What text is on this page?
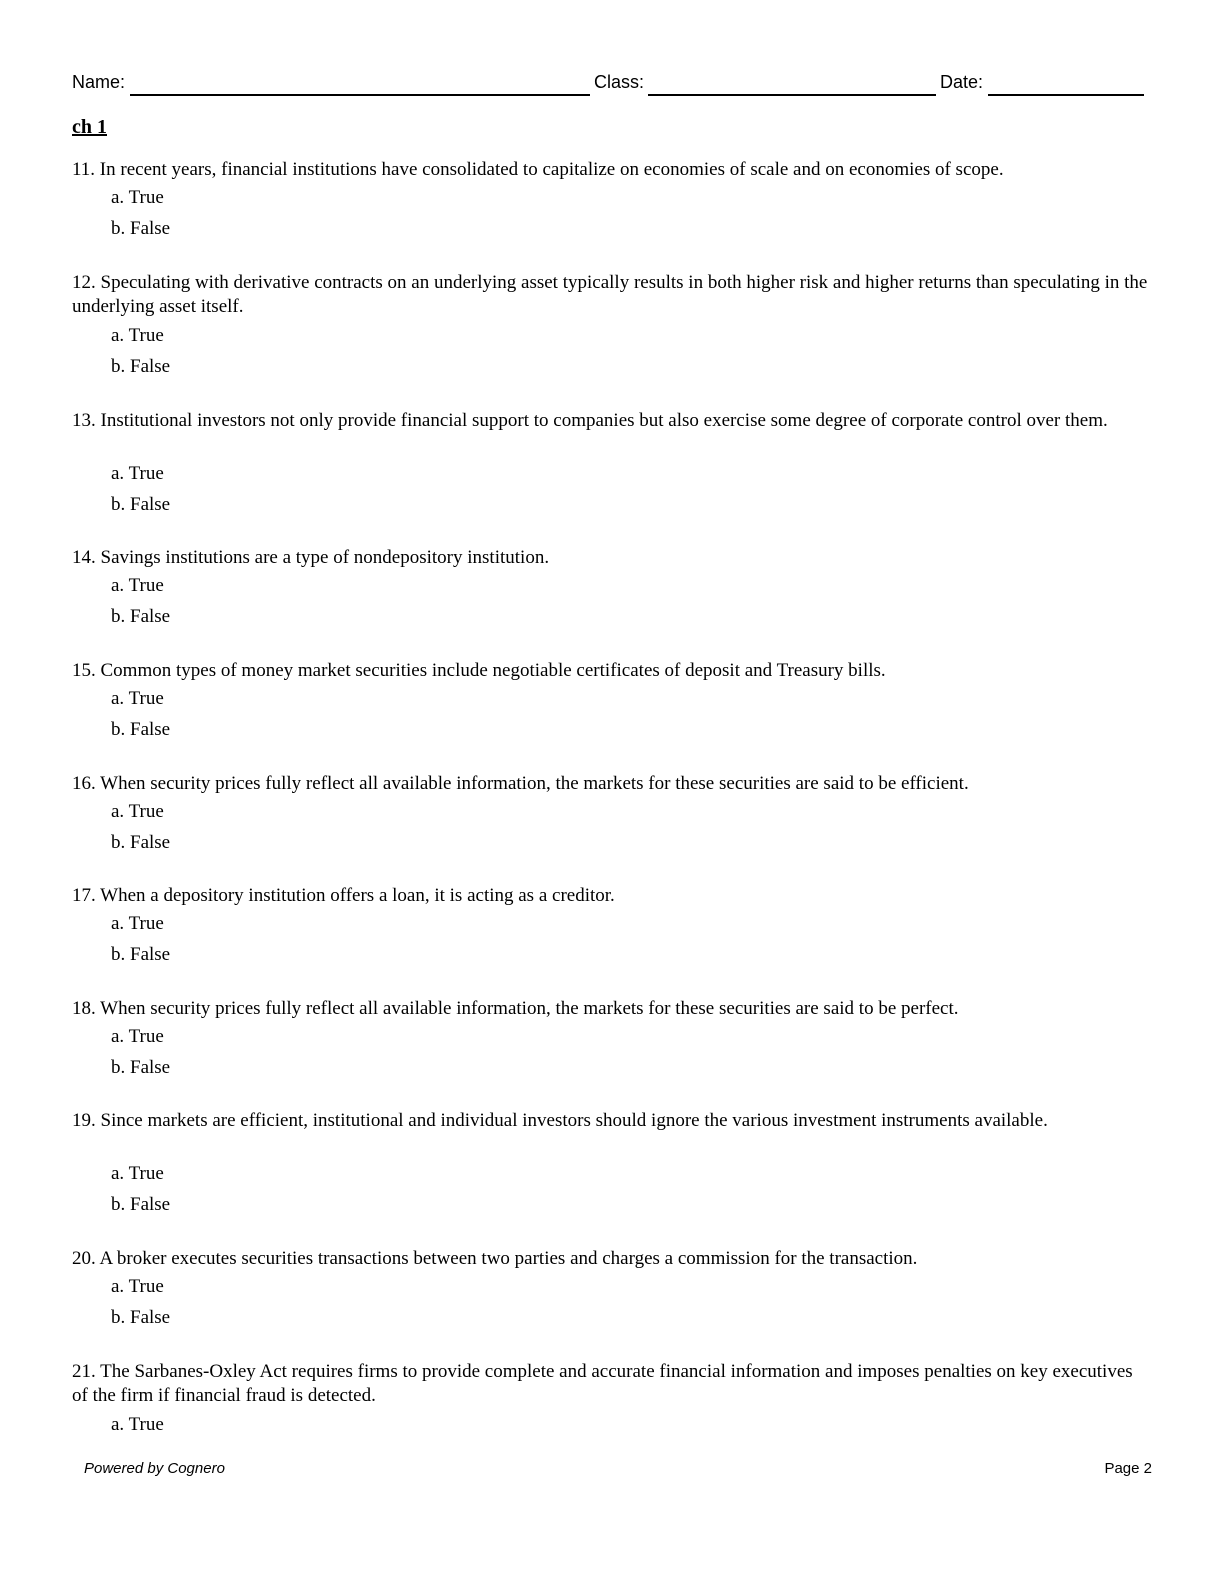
Name:	Class:	Date:
ch 1
11. In recent years, financial institutions have consolidated to capitalize on economies of scale and on economies of scope.
a. True
b. False
12. Speculating with derivative contracts on an underlying asset typically results in both higher risk and higher returns than speculating in the underlying asset itself.
a. True
b. False
13. Institutional investors not only provide financial support to companies but also exercise some degree of corporate control over them.
a. True
b. False
14. Savings institutions are a type of nondepository institution.
a. True
b. False
15. Common types of money market securities include negotiable certificates of deposit and Treasury bills.
a. True
b. False
16. When security prices fully reflect all available information, the markets for these securities are said to be efficient.
a. True
b. False
17. When a depository institution offers a loan, it is acting as a creditor.
a. True
b. False
18. When security prices fully reflect all available information, the markets for these securities are said to be perfect.
a. True
b. False
19. Since markets are efficient, institutional and individual investors should ignore the various investment instruments available.
a. True
b. False
20. A broker executes securities transactions between two parties and charges a commission for the transaction.
a. True
b. False
21. The Sarbanes-Oxley Act requires firms to provide complete and accurate financial information and imposes penalties on key executives of the firm if financial fraud is detected.
a. True
Powered by Cognero	Page 2
